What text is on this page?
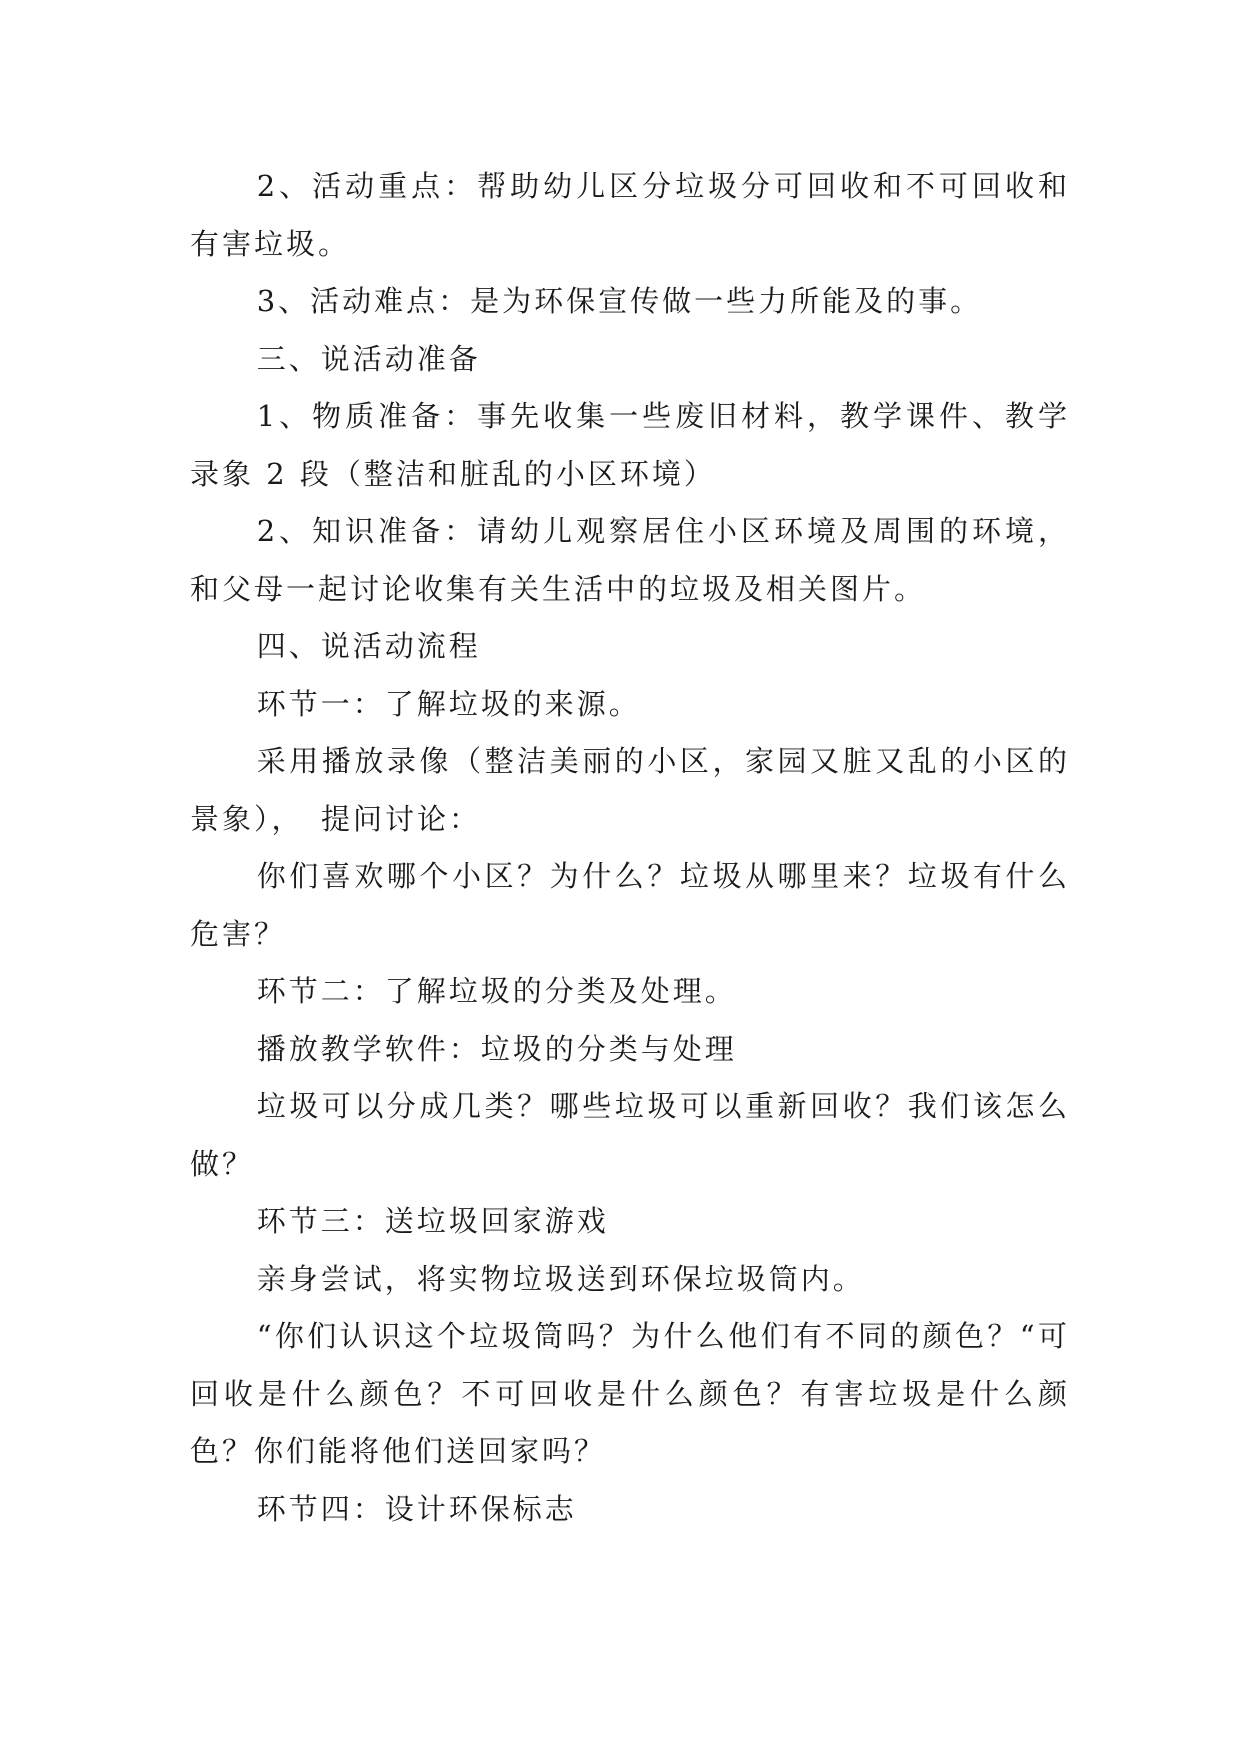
2、活动重点：帮助幼儿区分垃圾分可回收和不可回收和有害垃圾。

3、活动难点：是为环保宣传做一些力所能及的事。

三、说活动准备

1、物质准备：事先收集一些废旧材料，教学课件、教学录象 2 段（整洁和脏乱的小区环境）

2、知识准备：请幼儿观察居住小区环境及周围的环境，和父母一起讨论收集有关生活中的垃圾及相关图片。

四、说活动流程

环节一：了解垃圾的来源。

采用播放录像（整洁美丽的小区，家园又脏又乱的小区的景象），　提问讨论：

你们喜欢哪个小区？为什么？垃圾从哪里来？垃圾有什么危害？

环节二：了解垃圾的分类及处理。

播放教学软件：垃圾的分类与处理

垃圾可以分成几类？哪些垃圾可以重新回收？我们该怎么做？

环节三：送垃圾回家游戏

亲身尝试，将实物垃圾送到环保垃圾筒内。

“你们认识这个垃圾筒吗？为什么他们有不同的颜色？“可回收是什么颜色？不可回收是什么颜色？有害垃圾是什么颜色？你们能将他们送回家吗？

环节四：设计环保标志
